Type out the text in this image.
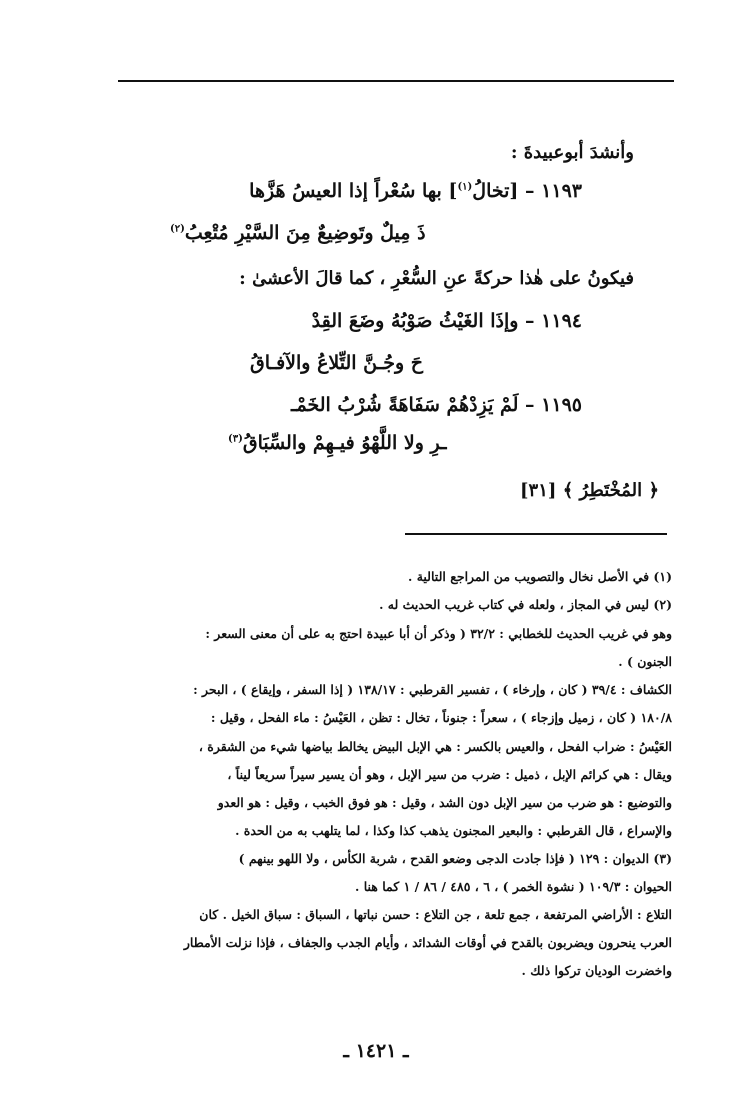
وأنشدَ أبوعبيدةَ :
١١٩٣ – [تخالُ$^{(١)}$] بها سُعْراً إذا العيسُ هَزَّها
ذَ مِيلٌ وتَوضِيعٌ مِنَ السَّيْرِ مُتْعِبُ$^{(٢)}$
فيكونُ على هٰذا حركةً عنِ السُّعْرِ ، كما قالَ الأعشىٰ :
١١٩٤ – وإذَا الغَيْثُ صَوْبُهُ وضَعَ القِدْ
حَ وجُـنَّ التِّلاعُ والآفـاقُ
١١٩٥ – لَمْ يَزِدْهُمْ سَفَاهَةً شُرْبُ الخَمْـ
ـرِ ولا اللَّهْوُ فيـهِمْ والسِّبَاقُ$^{(٣)}$
﴿ المُخْتَطِرُ ﴾ [٣١]
(١) في الأصل نخال والتصويب من المراجع التالية .
(٢) ليس في المجاز ، ولعله في كتاب غريب الحديث له .
وهو في غريب الحديث للخطابي : ٣٢/٢ ( وذكر أن أبا عبيدة احتج به على أن معنى السعر :
الجنون ) .
الكشاف : ٣٩/٤ ( كان ، وإرخاء ) ، تفسير القرطبي : ١٣٨/١٧ ( إذا السفر ، وإيقاع ) ، البحر :
١٨٠/٨ ( كان ، زميل وإزجاء ) ، سعراً : جنوناً ، تخال : تظن ، العَيْسُ : ماء الفحل ، وقيل :
العَيْسُ : ضراب الفحل ، والعيس بالكسر : هي الإبل البيض يخالط بياضها شيء من الشقرة ،
ويقال : هي كرائم الإبل ، ذميل : ضرب من سير الإبل ، وهو أن يسير سيراً سريعاً ليناً ،
والتوضيع : هو ضرب من سير الإبل دون الشد ، وقيل : هو فوق الخبب ، وقيل : هو العدو
والإسراع ، قال القرطبي : والبعير المجنون يذهب كذا وكذا ، لما يتلهب به من الحدة .
(٣) الديوان : ١٢٩ ( فإذا جادت الدجى وضعو القدح ، شربة الكأس ، ولا اللهو بينهم )
الحيوان : ١٠٩/٣ ( نشوة الخمر ) ، ٦ ، ٤٨٥ / ٨٦ / ١ كما هنا .
التلاع : الأراضي المرتفعة ، جمع تلعة ، جن التلاع : حسن نباتها ، السباق : سباق الخيل . كان
العرب ينحرون ويضربون بالقدح في أوقات الشدائد ، وأيام الجدب والجفاف ، فإذا نزلت الأمطار
واخضرت الوديان تركوا ذلك .
ـ ١٤٢١ ـ
